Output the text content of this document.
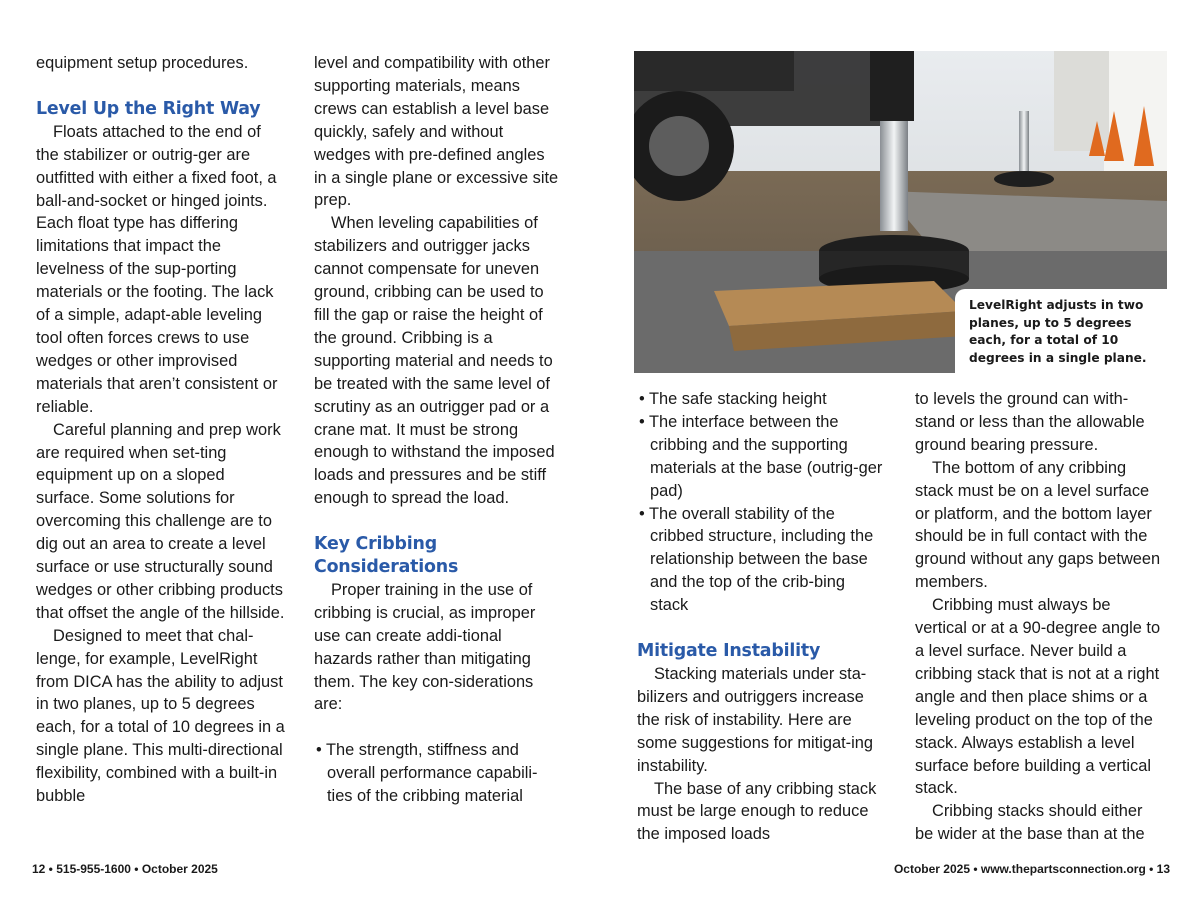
equipment setup procedures.

Level Up the Right Way

Floats attached to the end of the stabilizer or outrig-ger are outfitted with either a fixed foot, a ball-and-socket or hinged joints. Each float type has differing limitations that impact the levelness of the sup-porting materials or the footing. The lack of a simple, adapt-able leveling tool often forces crews to use wedges or other improvised materials that aren’t consistent or reliable.

Careful planning and prep work are required when set-ting equipment up on a sloped surface. Some solutions for overcoming this challenge are to dig out an area to create a level surface or use structurally sound wedges or other cribbing products that offset the angle of the hillside.

Designed to meet that chal-lenge, for example, LevelRight from DICA has the ability to adjust in two planes, up to 5 degrees each, for a total of 10 degrees in a single plane. This multi-directional flexibility, combined with a built-in bubble

level and compatibility with other supporting materials, means crews can establish a level base quickly, safely and without wedges with pre-defined angles in a single plane or excessive site prep.

When leveling capabilities of stabilizers and outrigger jacks cannot compensate for uneven ground, cribbing can be used to fill the gap or raise the height of the ground. Cribbing is a supporting material and needs to be treated with the same level of scrutiny as an outrigger pad or a crane mat. It must be strong enough to withstand the imposed loads and pressures and be stiff enough to spread the load.

Key Cribbing Considerations

Proper training in the use of cribbing is crucial, as improper use can create addi-tional hazards rather than mitigating them. The key con-siderations are:

• The strength, stiffness and overall performance capabili-ties of the cribbing material

LevelRight adjusts in two planes, up to 5 degrees each, for a total of 10 degrees in a single plane.

• The safe stacking height

• The interface between the cribbing and the supporting materials at the base (outrig-ger pad)

• The overall stability of the cribbed structure, including the relationship between the base and the top of the crib-bing stack

Mitigate Instability

Stacking materials under sta-bilizers and outriggers increase the risk of instability. Here are some suggestions for mitigat-ing instability.

The base of any cribbing stack must be large enough to reduce the imposed loads

to levels the ground can with-stand or less than the allowable ground bearing pressure.

The bottom of any cribbing stack must be on a level surface or platform, and the bottom layer should be in full contact with the ground without any gaps between members.

Cribbing must always be vertical or at a 90-degree angle to a level surface. Never build a cribbing stack that is not at a right angle and then place shims or a leveling product on the top of the stack. Always establish a level surface before building a vertical stack.

Cribbing stacks should either be wider at the base than at the

12 • 515-955-1600 • October 2025	October 2025 • www.thepartsconnection.org • 13
